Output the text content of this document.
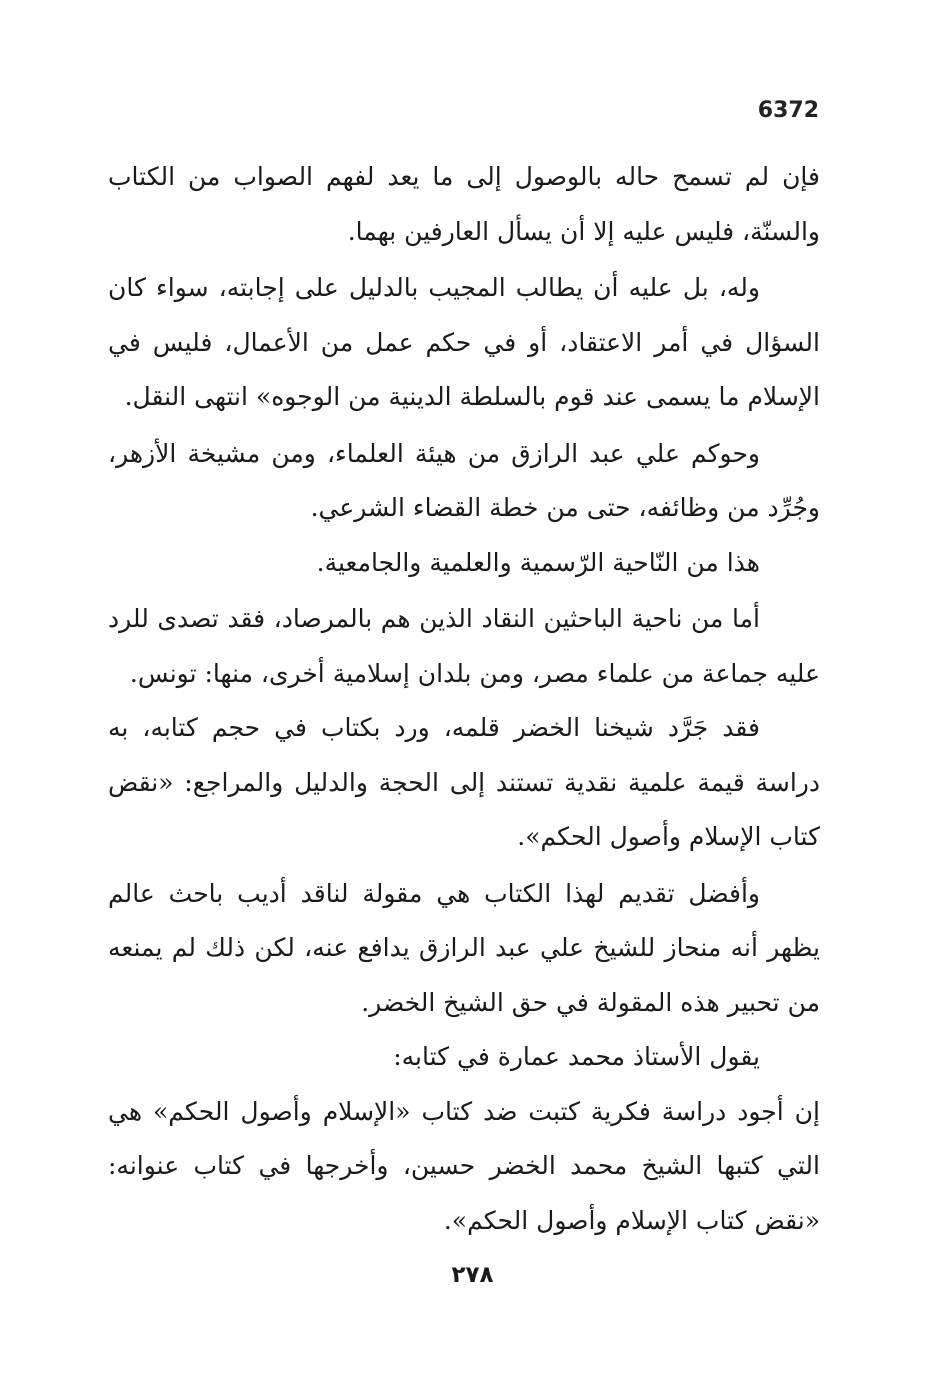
6372

فإن لم تسمح حاله بالوصول إلى ما يعد لفهم الصواب من الكتاب والسنّة، فليس عليه إلا أن يسأل العارفين بهما.

وله، بل عليه أن يطالب المجيب بالدليل على إجابته، سواء كان السؤال في أمر الاعتقاد، أو في حكم عمل من الأعمال، فليس في الإسلام ما يسمى عند قوم بالسلطة الدينية من الوجوه» انتهى النقل.

وحوكم علي عبد الرازق من هيئة العلماء، ومن مشيخة الأزهر، وجُرِّد من وظائفه، حتى من خطة القضاء الشرعي.

هذا من النّاحية الرّسمية والعلمية والجامعية.

أما من ناحية الباحثين النقاد الذين هم بالمرصاد، فقد تصدى للرد عليه جماعة من علماء مصر، ومن بلدان إسلامية أخرى، منها: تونس.

فقد جَرَّد شيخنا الخضر قلمه، ورد بكتاب في حجم كتابه، به دراسة قيمة علمية نقدية تستند إلى الحجة والدليل والمراجع: «نقض كتاب الإسلام وأصول الحكم».

وأفضل تقديم لهذا الكتاب هي مقولة لناقد أديب باحث عالم يظهر أنه منحاز للشيخ علي عبد الرازق يدافع عنه، لكن ذلك لم يمنعه من تحبير هذه المقولة في حق الشيخ الخضر.

يقول الأستاذ محمد عمارة في كتابه:

إن أجود دراسة فكرية كتبت ضد كتاب «الإسلام وأصول الحكم» هي التي كتبها الشيخ محمد الخضر حسين، وأخرجها في كتاب عنوانه: «نقض كتاب الإسلام وأصول الحكم».

٢٧٨
